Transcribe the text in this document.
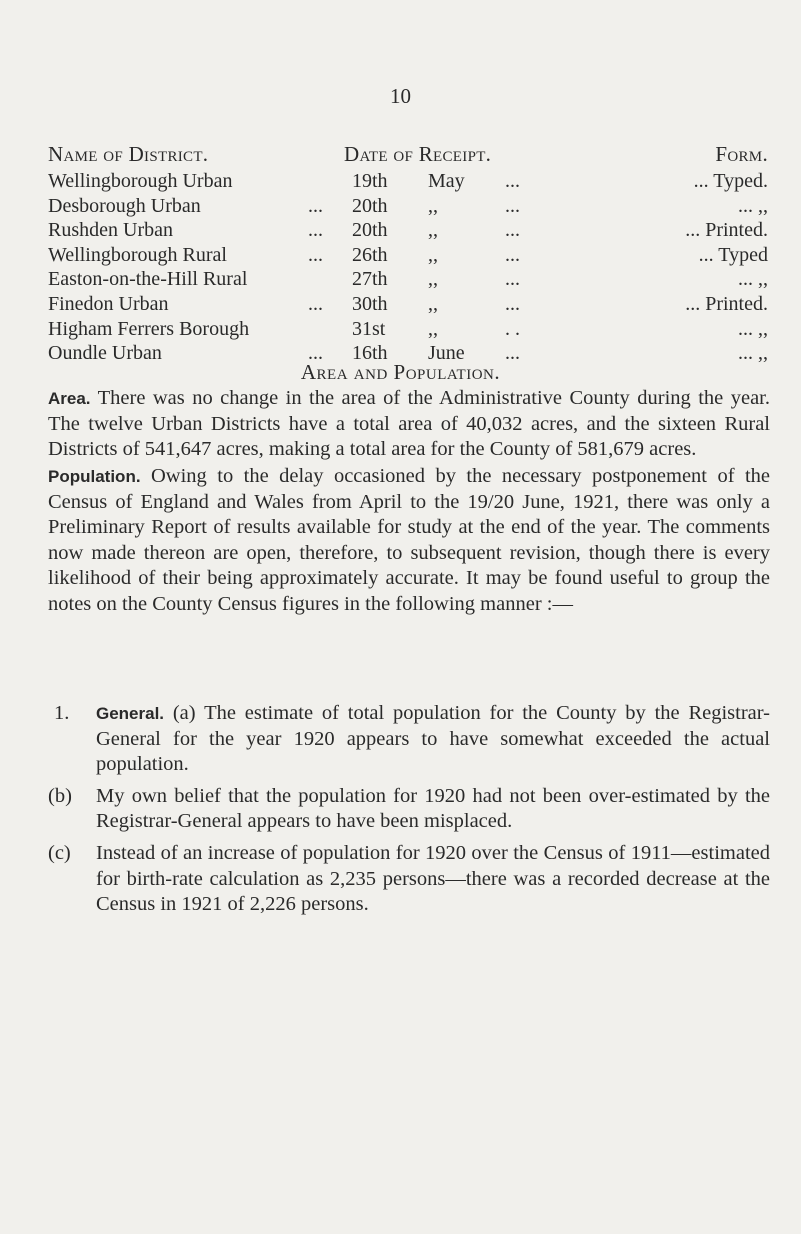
10
Name of District.	Date of Receipt.	Form.
Wellingborough Urban	19th May ...	... Typed.
Desborough Urban	... 20th ,,	...	... ,,
Rushden Urban	... 20th ,,	...	... Printed.
Wellingborough Rural	... 26th ,,	...	... Typed
Easton-on-the-Hill Rural	27th ,,	...	... ,,
Finedon Urban	... 30th ,,	...	... Printed.
Higham Ferrers Borough	31st ,,	. .	... ,,
Oundle Urban	... 16th June ...	... ,,
Area and Population.
Area. There was no change in the area of the Administrative County during the year. The twelve Urban Districts have a total area of 40,032 acres, and the sixteen Rural Districts of 541,647 acres, making a total area for the County of 581,679 acres.
Population. Owing to the delay occasioned by the necessary postponement of the Census of England and Wales from April to the 19/20 June, 1921, there was only a Preliminary Report of results available for study at the end of the year. The comments now made thereon are open, therefore, to subsequent revision, though there is every likelihood of their being approximately accurate. It may be found useful to group the notes on the County Census figures in the following manner :—
1. General. (a) The estimate of total population for the County by the Registrar-General for the year 1920 appears to have somewhat exceeded the actual population.
(b) My own belief that the population for 1920 had not been over-estimated by the Registrar-General appears to have been misplaced.
(c) Instead of an increase of population for 1920 over the Census of 1911—estimated for birth-rate calculation as 2,235 persons—there was a recorded decrease at the Census in 1921 of 2,226 persons.
